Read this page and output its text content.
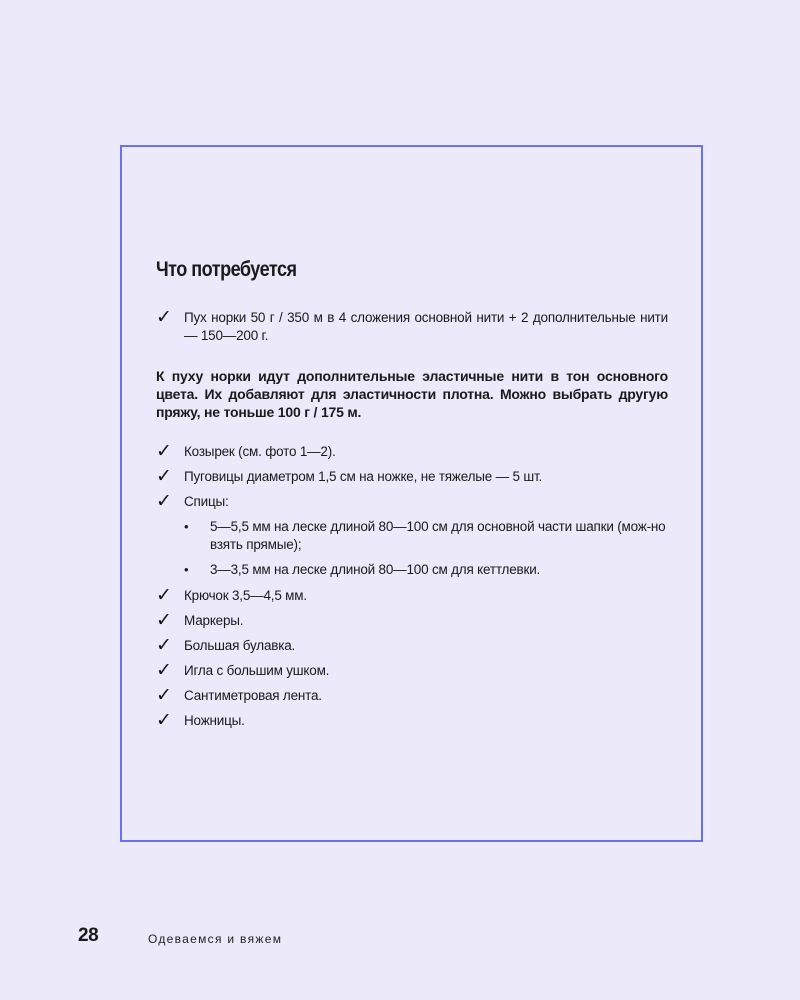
Что потребуется
✓ Пух норки 50 г / 350 м в 4 сложения основной нити + 2 дополнительные нити — 150—200 г.
К пуху норки идут дополнительные эластичные нити в тон основного цвета. Их добавляют для эластичности плотна. Можно выбрать другую пряжу, не тоньше 100 г / 175 м.
✓ Козырек (см. фото 1—2).
✓ Пуговицы диаметром 1,5 см на ножке, не тяжелые — 5 шт.
✓ Спицы:
• 5—5,5 мм на леске длиной 80—100 см для основной части шапки (мож-но взять прямые);
• 3—3,5 мм на леске длиной 80—100 см для кеттлевки.
✓ Крючок 3,5—4,5 мм.
✓ Маркеры.
✓ Большая булавка.
✓ Игла с большим ушком.
✓ Сантиметровая лента.
✓ Ножницы.
28	Одеваемся и вяжем
